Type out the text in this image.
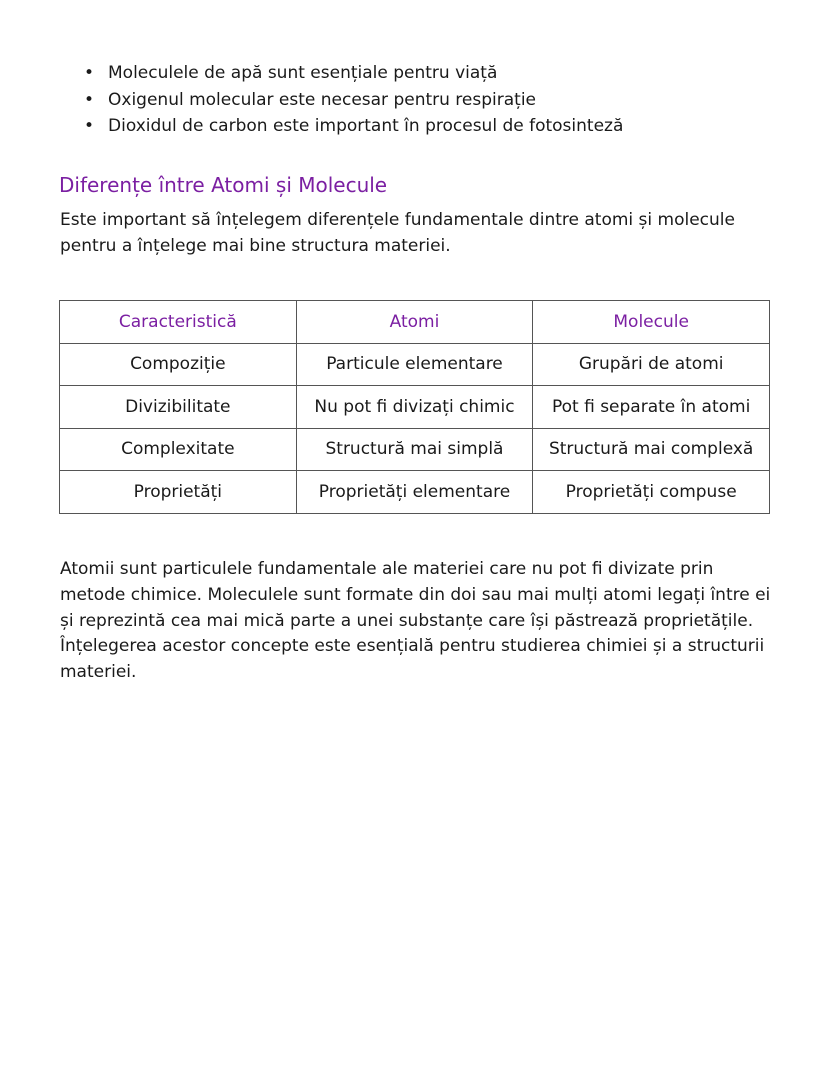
• Moleculele de apă sunt esențiale pentru viață
• Oxigenul molecular este necesar pentru respirație
• Dioxidul de carbon este important în procesul de fotosinteză
Diferențe între Atomi și Molecule

Este important să înțelegem diferențele fundamentale dintre atomi și molecule pentru a înțelege mai bine structura materiei.

Caracteristică	Atomi	Molecule
Compoziție	Particule elementare	Grupări de atomi
Divizibilitate	Nu pot fi divizați chimic	Pot fi separate în atomi
Complexitate	Structură mai simplă	Structură mai complexă
Proprietăți	Proprietăți elementare	Proprietăți compuse

Atomii sunt particulele fundamentale ale materiei care nu pot fi divizate prin metode chimice. Moleculele sunt formate din doi sau mai mulți atomi legați între ei și reprezintă cea mai mică parte a unei substanțe care își păstrează proprietățile. Înțelegerea acestor concepte este esențială pentru studierea chimiei și a structurii materiei.
